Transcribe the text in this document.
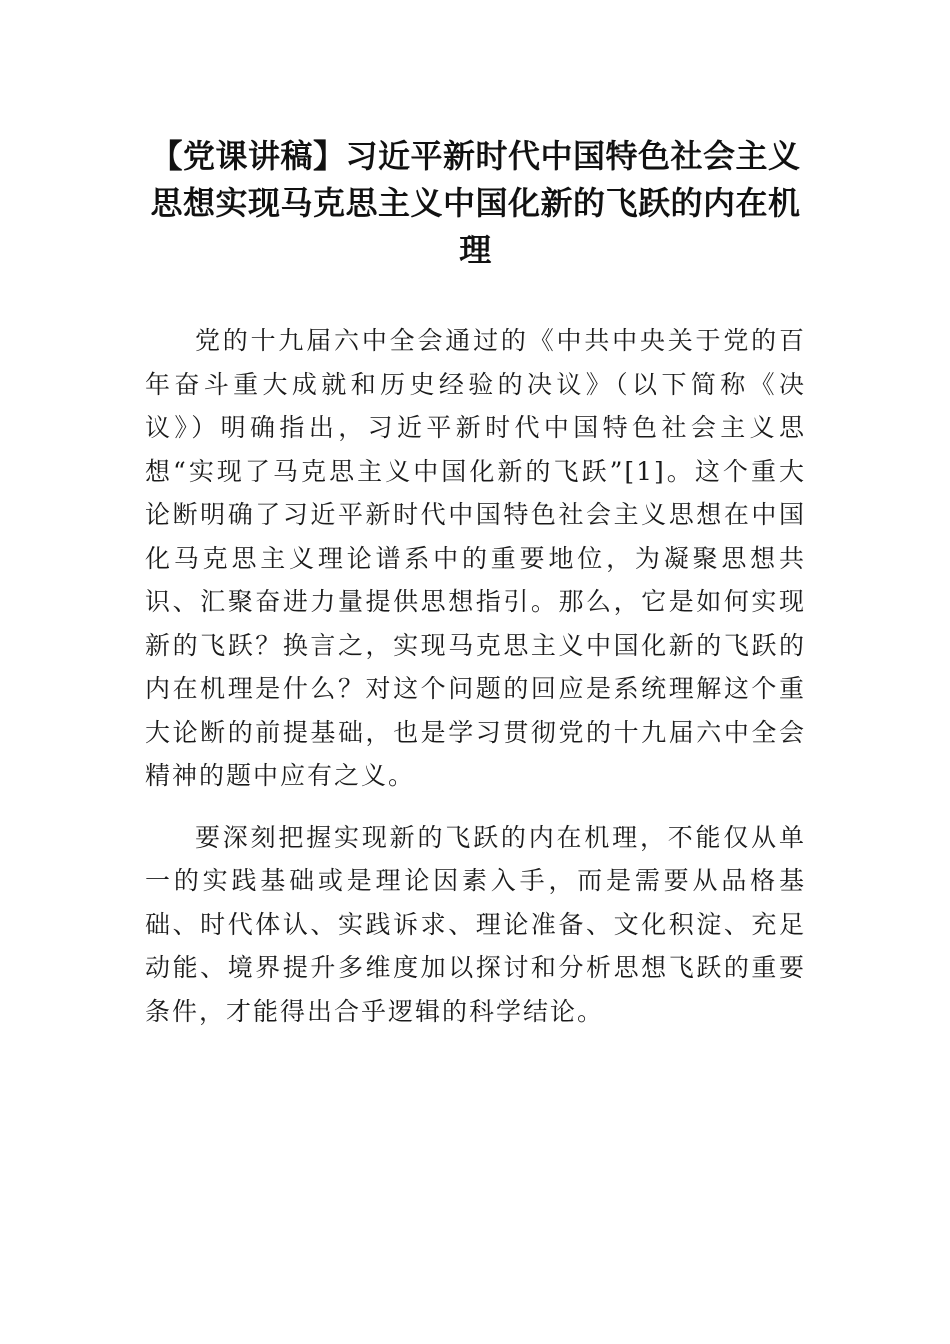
【党课讲稿】习近平新时代中国特色社会主义思想实现马克思主义中国化新的飞跃的内在机理

党的十九届六中全会通过的《中共中央关于党的百年奋斗重大成就和历史经验的决议》（以下简称《决议》）明确指出，习近平新时代中国特色社会主义思想“实现了马克思主义中国化新的飞跃”[1]。这个重大论断明确了习近平新时代中国特色社会主义思想在中国化马克思主义理论谱系中的重要地位，为凝聚思想共识、汇聚奋进力量提供思想指引。那么，它是如何实现新的飞跃？换言之，实现马克思主义中国化新的飞跃的内在机理是什么？对这个问题的回应是系统理解这个重大论断的前提基础，也是学习贯彻党的十九届六中全会精神的题中应有之义。

要深刻把握实现新的飞跃的内在机理，不能仅从单一的实践基础或是理论因素入手，而是需要从品格基础、时代体认、实践诉求、理论准备、文化积淀、充足动能、境界提升多维度加以探讨和分析思想飞跃的重要条件，才能得出合乎逻辑的科学结论。
